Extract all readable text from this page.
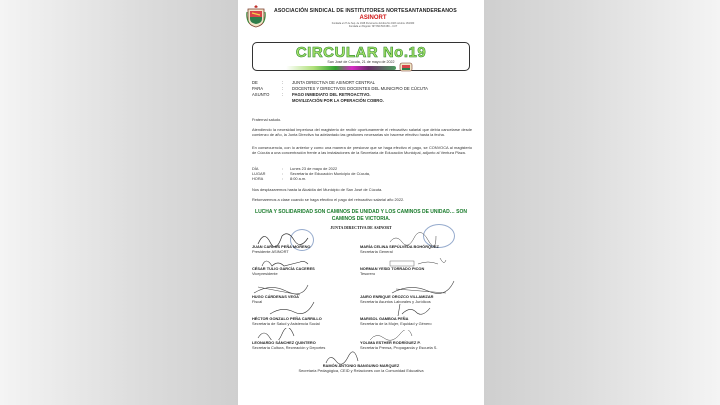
ASOCIACIÓN SINDICAL DE INSTITUTORES NORTESANTANDEREANOS
ASINORT
Fundada el 27 de Sep. de 1948 Personería Jurídica No 0103 octubre 16/1960
Fundada en Bogotá / NIT 890.503.089 – CUT
CIRCULAR No.19
San José de Cúcuta, 21 de mayo de 2022
DE	:	JUNTA DIRECTIVA DE ASINORT CENTRAL
PARA	:	DOCENTES Y DIRECTIVOS DOCENTES DEL MUNICIPIO DE CÚCUTA
ASUNTO	:	PAGO INMEDIATO DEL RETROACTIVO.
MOVILIZACIÓN POR LA OPERACIÓN COBRO.
Fraternal saludo.
Atendiendo la necesidad imperiosa del magisterio de recibir oportunamente el retroactivo salarial que debía cancelarse desde comienzo de año, la Junta Directiva ha adelantado las gestiones necesarias sin hacerse efectivo hasta la fecha.
En consecuencia, con lo anterior y como una manera de presionar que se haga efectivo el pago, se CONVOCA al magisterio de Cúcuta a una concentración frente a las instalaciones de la Secretaría de Educación Municipal, adjunto al Ventura Plaza.
DÍA	:	Lunes 23 de mayo de 2022
LUGAR	:	Secretaría de Educación Municipio de Cúcuta,
HORA	:	8:00 a.m.
Nos desplazaremos hasta la Alcaldía del Municipio de San José de Cúcuta.
Retomaremos a clase cuando se haga efectivo el pago del retroactivo salarial año 2022.
LUCHA Y SOLIDARIDAD SON CAMINOS DE UNIDAD Y LOS CAMINOS DE UNIDAD… SON CAMINOS DE VICTORIA.
JUNTA DIRECTIVA DE ASINORT
JUAN CARLOS PEÑA MORENO
Presidente ASINORT
MARÍA CELINA SEPÚLVEDA BOHÓRQUEZ
Secretaria General
CÉSAR TULIO GARCÍA CACERES
Vicepresidente
NORMAN YESID TORRADO PICON
Tesorero
HUGO CÁRDENAS VEGA
Fiscal
JAIRO ENRIQUE OROZCO VILLAMIZAR
Secretaría Asuntos Laborales y Jurídicos
HÉCTOR GONZALO PEÑA CARRILLO
Secretaría de Salud y Asistencia Social
MARISOL GAMBOA PEÑA
Secretaría de la Mujer, Equidad y Género
LEONARDO SÁNCHEZ QUINTERO
Secretaría Cultura, Recreación y Deportes
YOLIMA ESTHER RODRÍGUEZ P.
Secretaría Prensa, Propaganda y Escuela S.
RAMÓN ANTONIO BANGUINO MARQUEZ
Secretaría Pedagógica, CEID y Relaciones con la Comunidad Educativa
